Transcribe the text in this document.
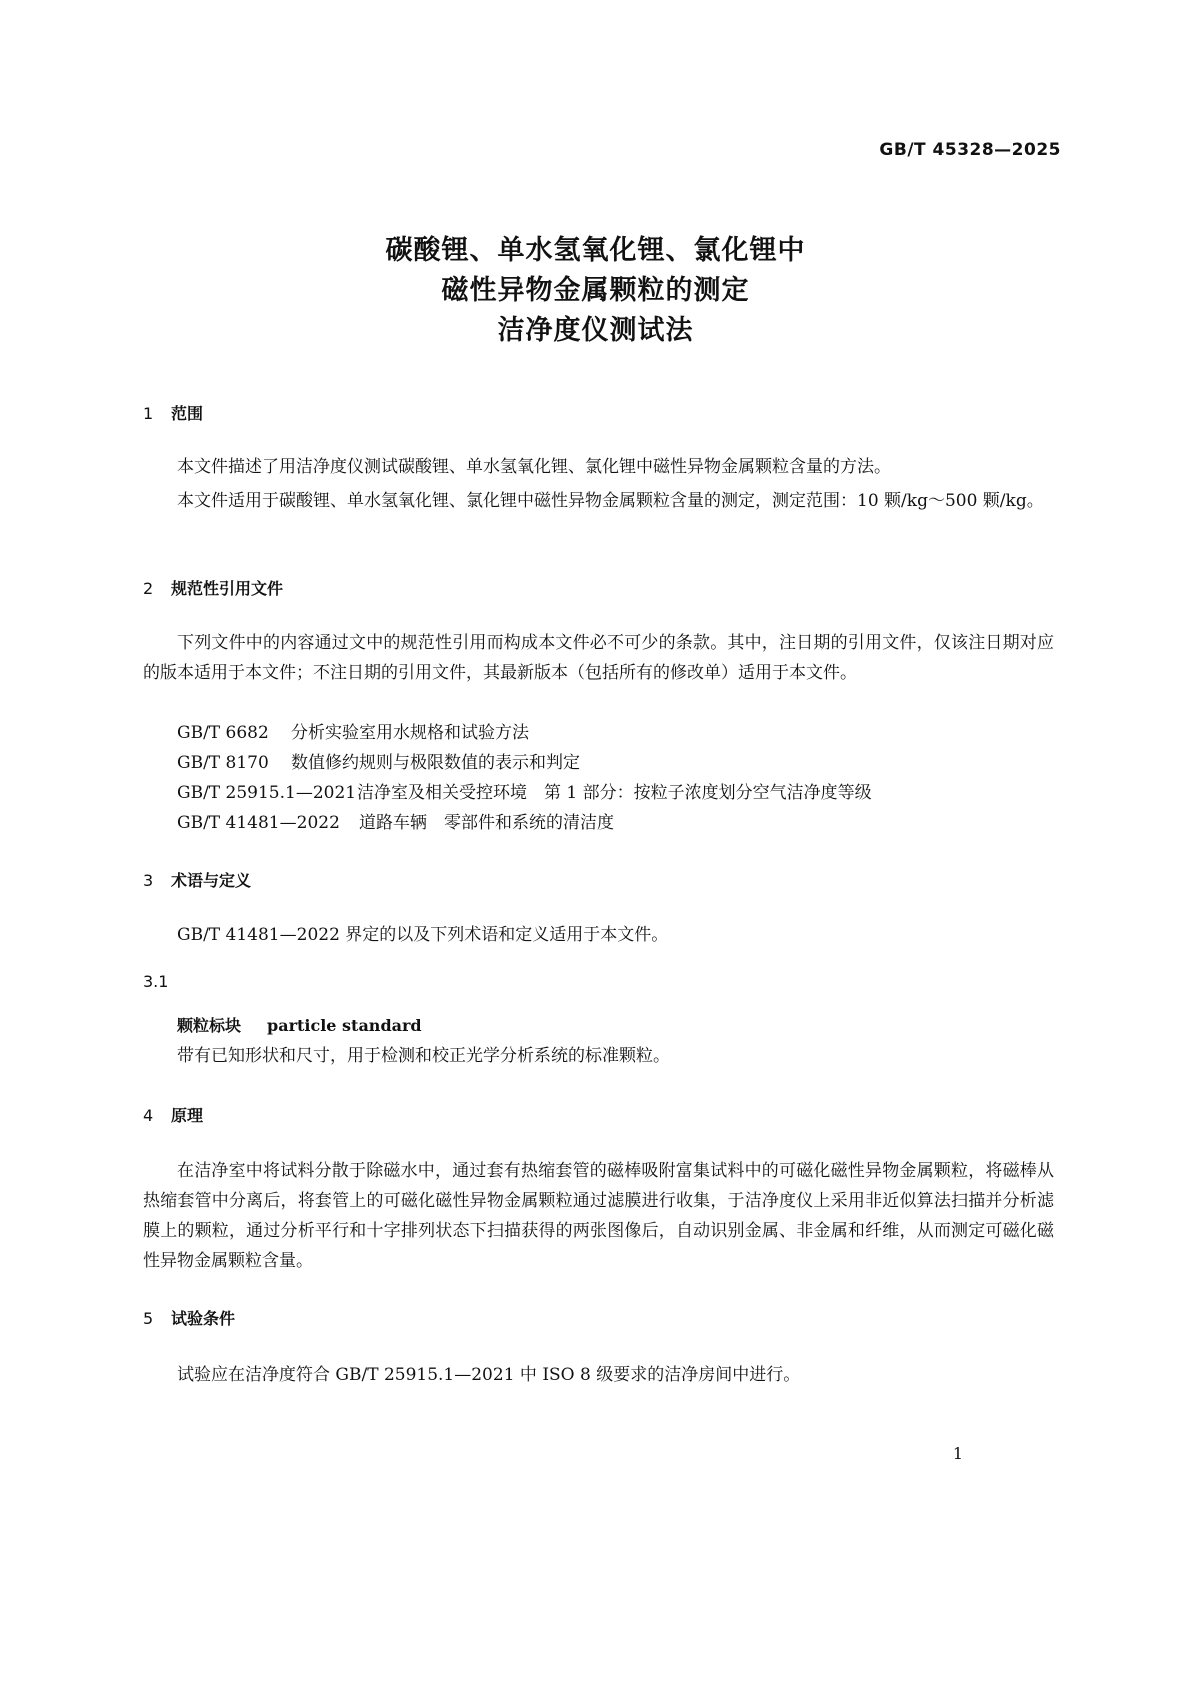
GB/T 45328—2025
碳酸锂、单水氢氧化锂、氯化锂中
磁性异物金属颗粒的测定
洁净度仪测试法
1 范围
本文件描述了用洁净度仪测试碳酸锂、单水氢氧化锂、氯化锂中磁性异物金属颗粒含量的方法。
本文件适用于碳酸锂、单水氢氧化锂、氯化锂中磁性异物金属颗粒含量的测定，测定范围：10 颗/kg～500 颗/kg。
2 规范性引用文件
下列文件中的内容通过文中的规范性引用而构成本文件必不可少的条款。其中，注日期的引用文件，仅该注日期对应的版本适用于本文件；不注日期的引用文件，其最新版本（包括所有的修改单）适用于本文件。
GB/T 6682 分析实验室用水规格和试验方法
GB/T 8170 数值修约规则与极限数值的表示和判定
GB/T 25915.1—2021洁净室及相关受控环境　第 1 部分：按粒子浓度划分空气洁净度等级
GB/T 41481—2022 道路车辆　零部件和系统的清洁度
3 术语与定义
GB/T 41481—2022 界定的以及下列术语和定义适用于本文件。
3.1
颗粒标块 particle standard
带有已知形状和尺寸，用于检测和校正光学分析系统的标准颗粒。
4 原理
在洁净室中将试料分散于除磁水中，通过套有热缩套管的磁棒吸附富集试料中的可磁化磁性异物金属颗粒，将磁棒从热缩套管中分离后，将套管上的可磁化磁性异物金属颗粒通过滤膜进行收集，于洁净度仪上采用非近似算法扫描并分析滤膜上的颗粒，通过分析平行和十字排列状态下扫描获得的两张图像后，自动识别金属、非金属和纤维，从而测定可磁化磁性异物金属颗粒含量。
5 试验条件
试验应在洁净度符合 GB/T 25915.1—2021 中 ISO 8 级要求的洁净房间中进行。
1
